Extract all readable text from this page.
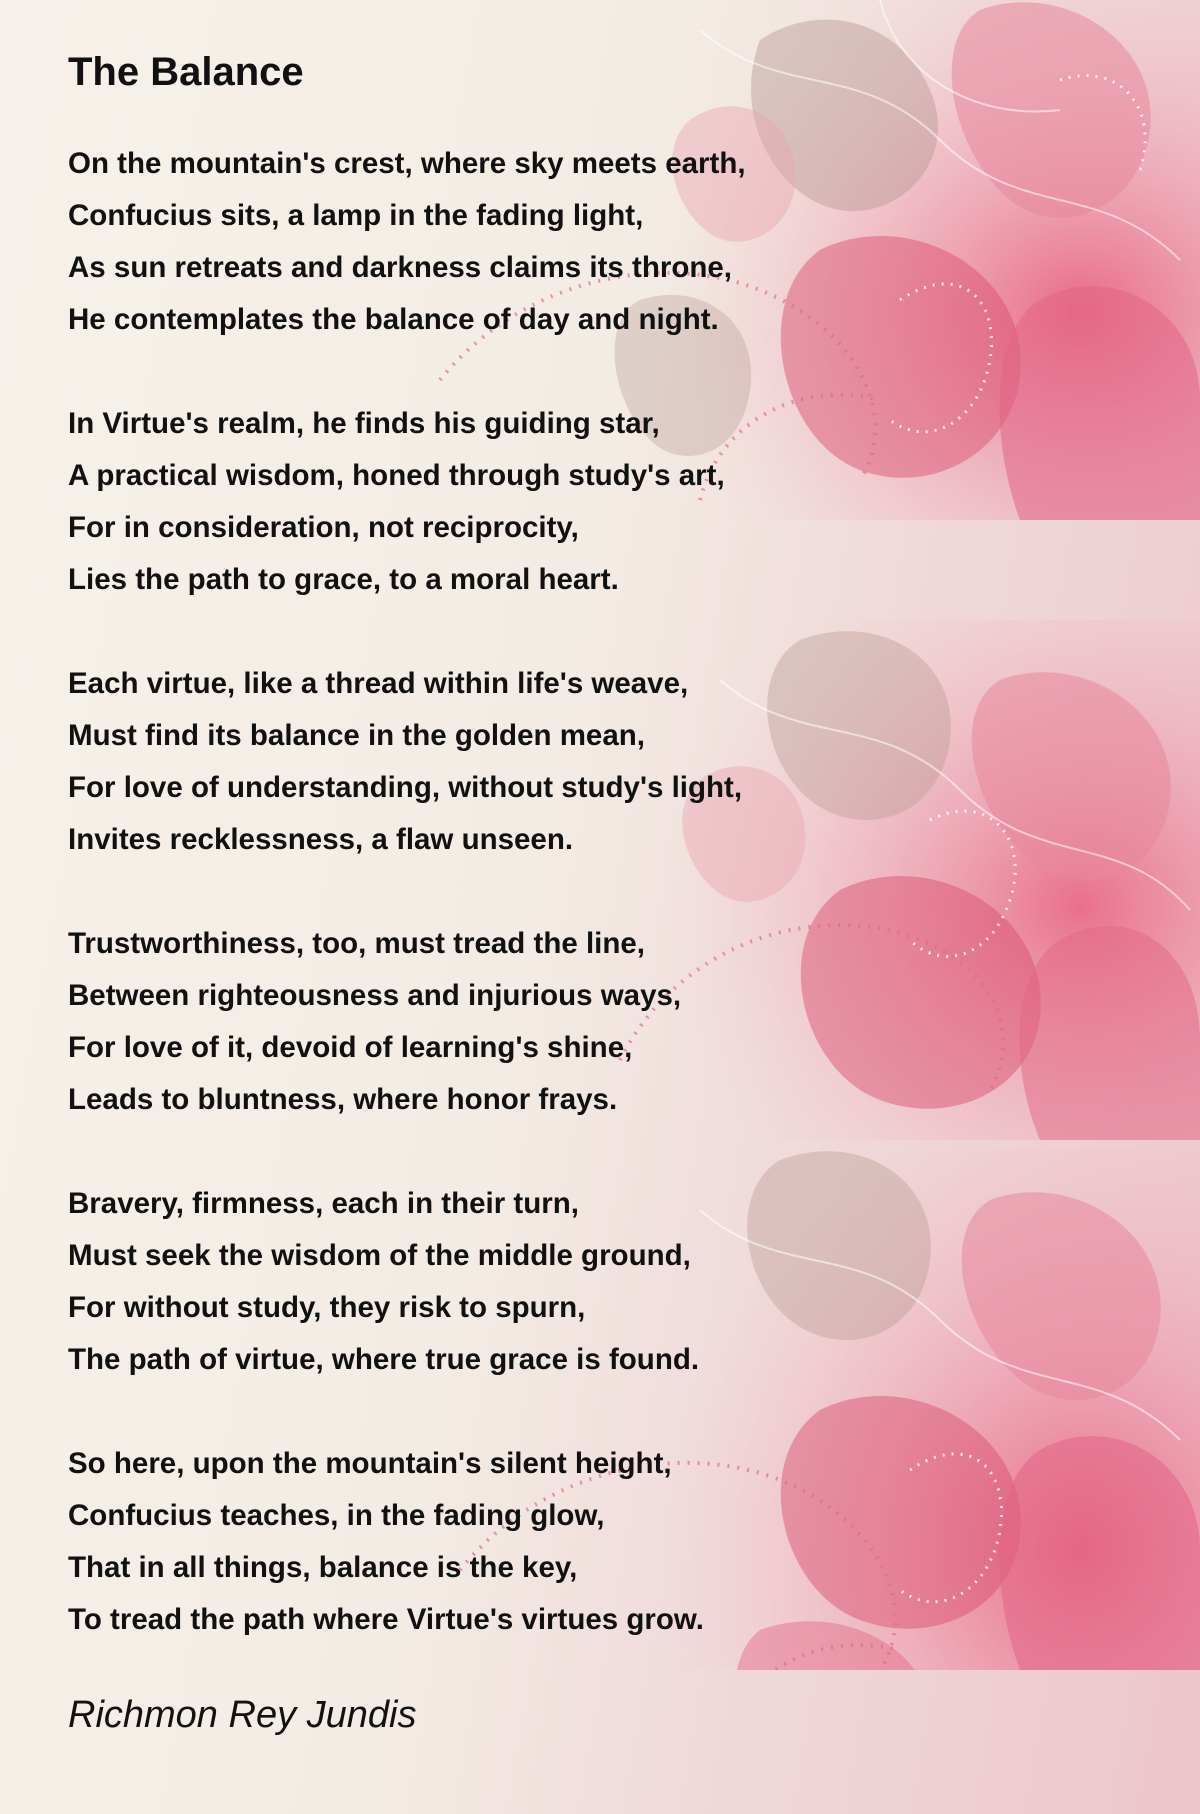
The Balance
On the mountain's crest, where sky meets earth,
Confucius sits, a lamp in the fading light,
As sun retreats and darkness claims its throne,
He contemplates the balance of day and night.
In Virtue's realm, he finds his guiding star,
A practical wisdom, honed through study's art,
For in consideration, not reciprocity,
Lies the path to grace, to a moral heart.
Each virtue, like a thread within life's weave,
Must find its balance in the golden mean,
For love of understanding, without study's light,
Invites recklessness, a flaw unseen.
Trustworthiness, too, must tread the line,
Between righteousness and injurious ways,
For love of it, devoid of learning's shine,
Leads to bluntness, where honor frays.
Bravery, firmness, each in their turn,
Must seek the wisdom of the middle ground,
For without study, they risk to spurn,
The path of virtue, where true grace is found.
So here, upon the mountain's silent height,
Confucius teaches, in the fading glow,
That in all things, balance is the key,
To tread the path where Virtue's virtues grow.
Richmon Rey Jundis
